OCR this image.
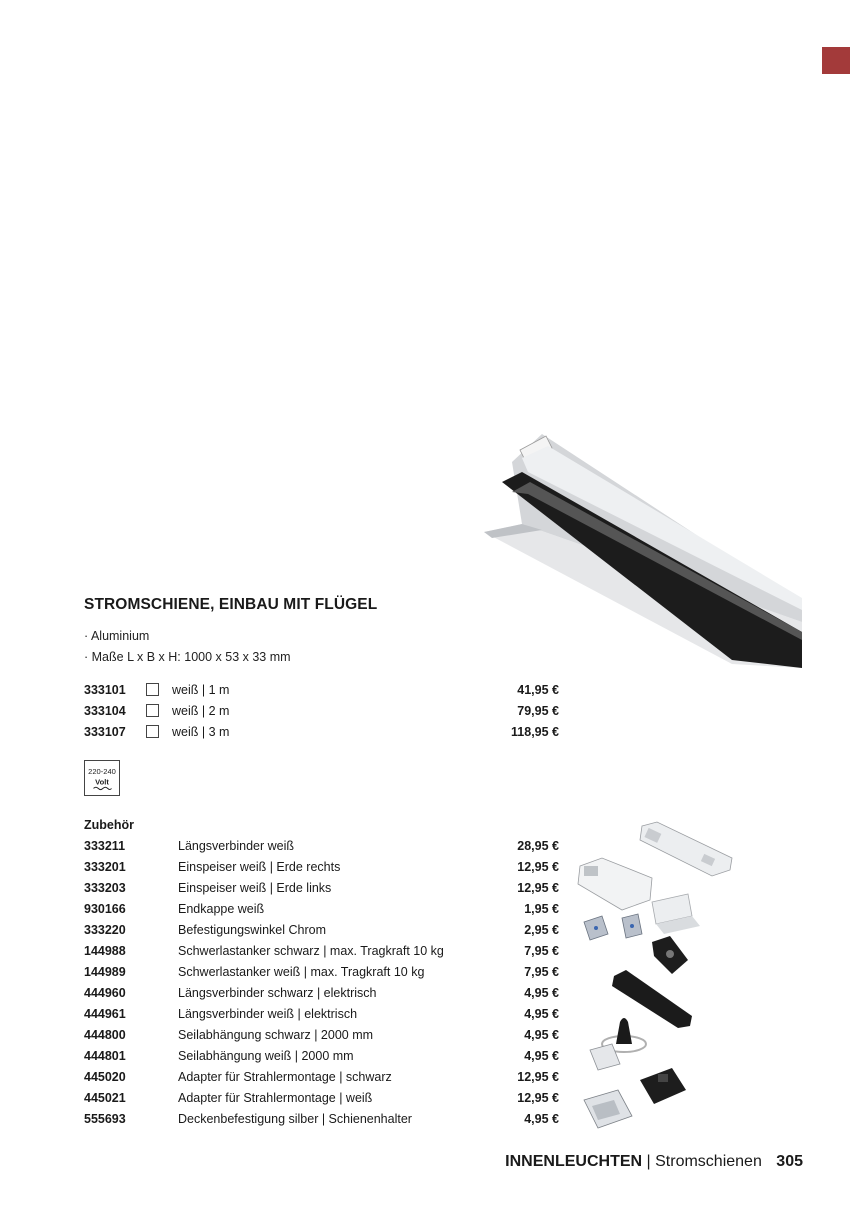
STROMSCHIENE, EINBAU MIT FLÜGEL
· Aluminium
· Maße L x B x H: 1000 x 53 x 33 mm
333101	weiß | 1 m	41,95 €
333104	weiß | 2 m	79,95 €
333107	weiß | 3 m	118,95 €
220-240
Volt
Zubehör
333211	Längsverbinder weiß	28,95 €
333201	Einspeiser weiß | Erde rechts	12,95 €
333203	Einspeiser weiß | Erde links	12,95 €
930166	Endkappe weiß	1,95 €
333220	Befestigungswinkel Chrom	2,95 €
144988	Schwerlastanker schwarz | max. Tragkraft 10 kg	7,95 €
144989	Schwerlastanker weiß | max. Tragkraft 10 kg	7,95 €
444960	Längsverbinder schwarz | elektrisch	4,95 €
444961	Längsverbinder weiß | elektrisch	4,95 €
444800	Seilabhängung schwarz | 2000 mm	4,95 €
444801	Seilabhängung weiß | 2000 mm	4,95 €
445020	Adapter für Strahlermontage | schwarz	12,95 €
445021	Adapter für Strahlermontage | weiß	12,95 €
555693	Deckenbefestigung silber | Schienenhalter	4,95 €
INNENLEUCHTEN | Stromschienen 305
